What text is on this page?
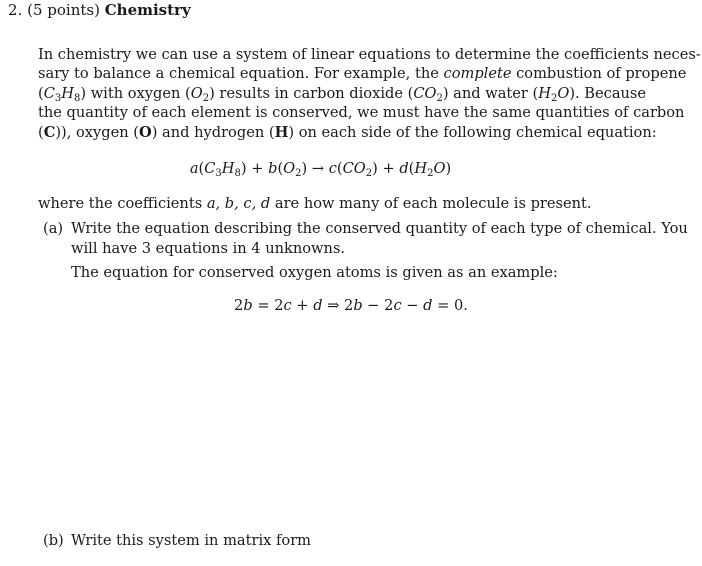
2. (5 points) Chemistry
In chemistry we can use a system of linear equations to determine the coefficients neces-
sary to balance a chemical equation. For example, the complete combustion of propene
$(C_3H_8)$ with oxygen $(O_2)$ results in carbon dioxide $(CO_2)$ and water $(H_2O)$. Because
the quantity of each element is conserved, we must have the same quantities of carbon
(C)), oxygen (O) and hydrogen (H) on each side of the following chemical equation:
$a(C_3H_8) + b(O_2) \to c(CO_2) + d(H_2O)$
where the coefficients a, b, c, d are how many of each molecule is present.
(a) Write the equation describing the conserved quantity of each type of chemical. You
will have 3 equations in 4 unknowns.
The equation for conserved oxygen atoms is given as an example:
2b = 2c + d ⇒ 2b − 2c − d = 0.
(b) Write this system in matrix form
